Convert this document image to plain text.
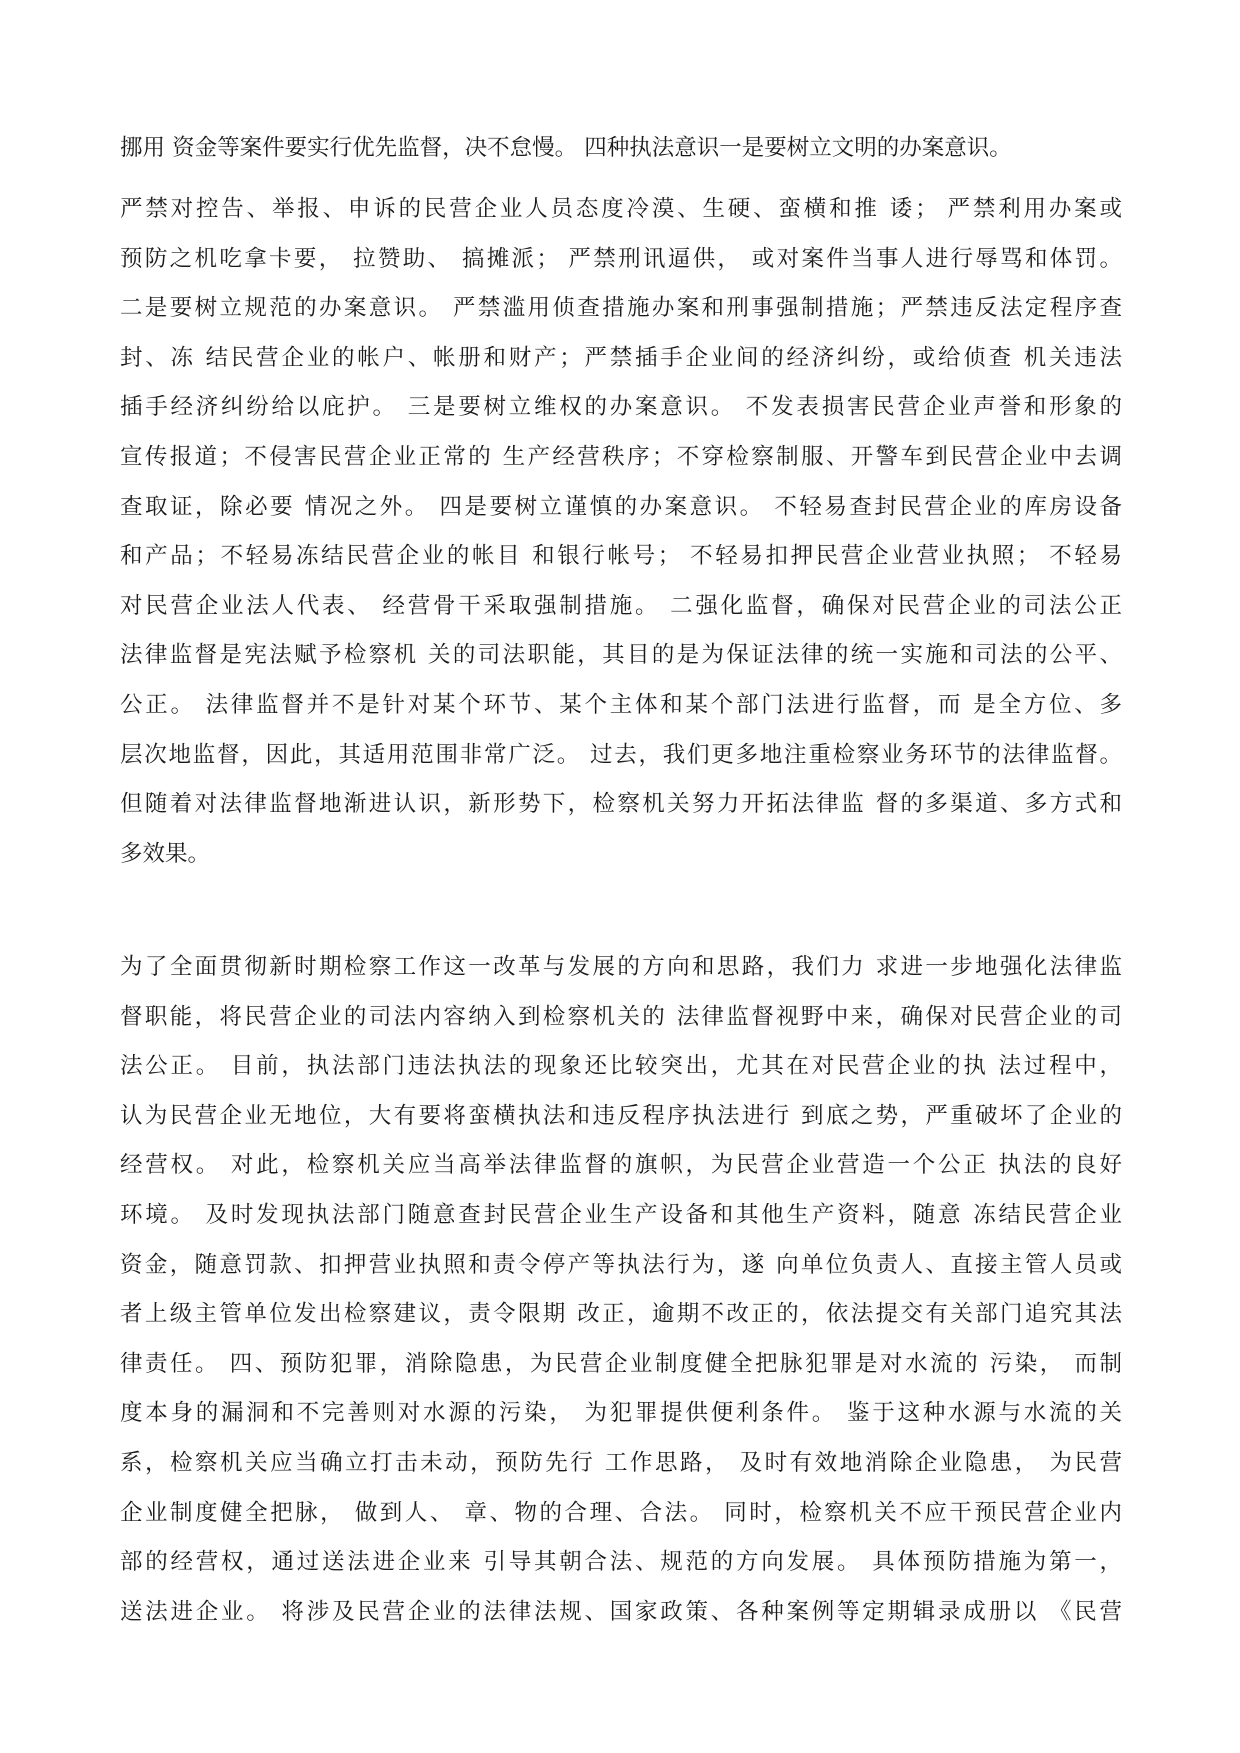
挪用 资金等案件要实行优先监督，决不怠慢。 四种执法意识一是要树立文明的办案意识。
严禁对控告、举报、申诉的民营企业人员态度冷漠、生硬、蛮横和推 诿； 严禁利用办案或
预防之机吃拿卡要， 拉赞助、 搞摊派； 严禁刑讯逼供， 或对案件当事人进行辱骂和体罚。
二是要树立规范的办案意识。 严禁滥用侦查措施办案和刑事强制措施；严禁违反法定程序查
封、冻 结民营企业的帐户、帐册和财产；严禁插手企业间的经济纠纷，或给侦查 机关违法
插手经济纠纷给以庇护。 三是要树立维权的办案意识。 不发表损害民营企业声誉和形象的
宣传报道；不侵害民营企业正常的 生产经营秩序；不穿检察制服、开警车到民营企业中去调
查取证，除必要 情况之外。 四是要树立谨慎的办案意识。 不轻易查封民营企业的库房设备
和产品；不轻易冻结民营企业的帐目 和银行帐号； 不轻易扣押民营企业营业执照； 不轻易
对民营企业法人代表、 经营骨干采取强制措施。 二强化监督，确保对民营企业的司法公正
法律监督是宪法赋予检察机 关的司法职能，其目的是为保证法律的统一实施和司法的公平、
公正。 法律监督并不是针对某个环节、某个主体和某个部门法进行监督，而 是全方位、多
层次地监督，因此，其适用范围非常广泛。 过去，我们更多地注重检察业务环节的法律监督。
但随着对法律监督地渐进认识，新形势下，检察机关努力开拓法律监 督的多渠道、多方式和
多效果。
为了全面贯彻新时期检察工作这一改革与发展的方向和思路，我们力 求进一步地强化法律监
督职能，将民营企业的司法内容纳入到检察机关的 法律监督视野中来，确保对民营企业的司
法公正。 目前，执法部门违法执法的现象还比较突出，尤其在对民营企业的执 法过程中，
认为民营企业无地位，大有要将蛮横执法和违反程序执法进行 到底之势，严重破坏了企业的
经营权。 对此，检察机关应当高举法律监督的旗帜，为民营企业营造一个公正 执法的良好
环境。 及时发现执法部门随意查封民营企业生产设备和其他生产资料，随意 冻结民营企业
资金，随意罚款、扣押营业执照和责令停产等执法行为，遂 向单位负责人、直接主管人员或
者上级主管单位发出检察建议，责令限期 改正，逾期不改正的，依法提交有关部门追究其法
律责任。 四、预防犯罪，消除隐患，为民营企业制度健全把脉犯罪是对水流的 污染， 而制
度本身的漏洞和不完善则对水源的污染， 为犯罪提供便利条件。 鉴于这种水源与水流的关
系，检察机关应当确立打击未动，预防先行 工作思路， 及时有效地消除企业隐患， 为民营
企业制度健全把脉， 做到人、 章、物的合理、合法。 同时，检察机关不应干预民营企业内
部的经营权，通过送法进企业来 引导其朝合法、规范的方向发展。 具体预防措施为第一，
送法进企业。 将涉及民营企业的法律法规、国家政策、各种案例等定期辑录成册以 《民营
